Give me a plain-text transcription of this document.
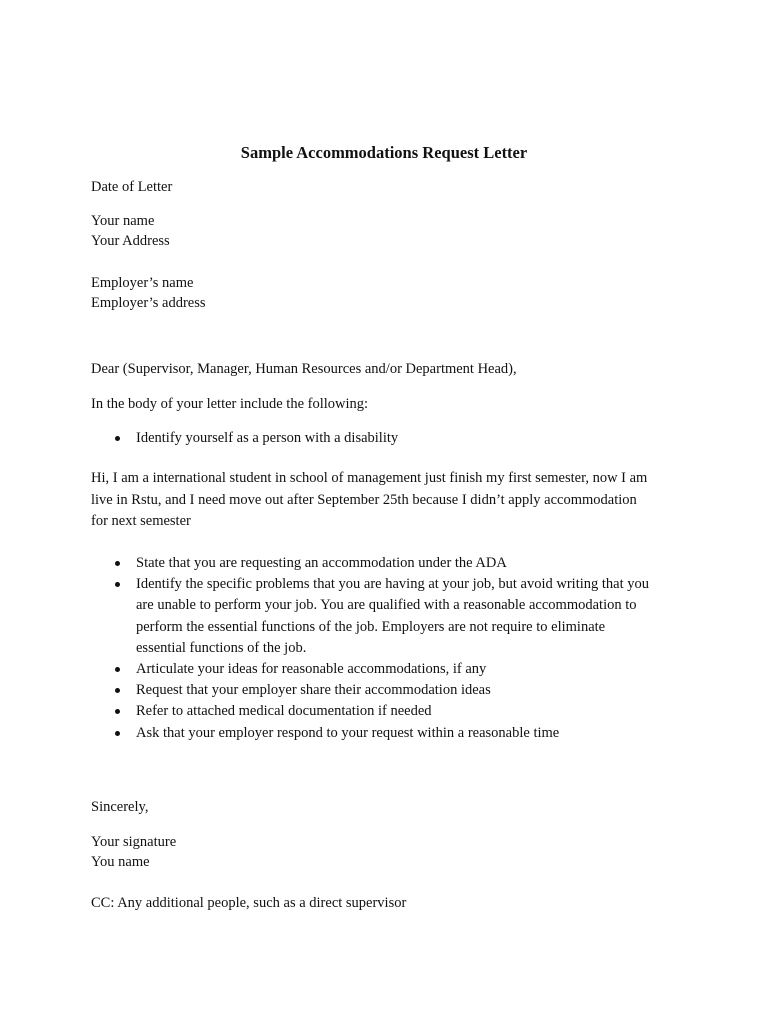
Sample Accommodations Request Letter
Date of Letter
Your name
Your Address
Employer’s name
Employer’s address
Dear (Supervisor, Manager, Human Resources and/or Department Head),
In the body of your letter include the following:
Identify yourself as a person with a disability
Hi, I am a international student in school of management just finish my first semester, now I am
live in Rstu, and I need move out after September 25th because I didn’t apply accommodation
for next semester
State that you are requesting an accommodation under the ADA
Identify the specific problems that you are having at your job, but avoid writing that you
are unable to perform your job. You are qualified with a reasonable accommodation to
perform the essential functions of the job. Employers are not require to eliminate
essential functions of the job.
Articulate your ideas for reasonable accommodations, if any
Request that your employer share their accommodation ideas
Refer to attached medical documentation if needed
Ask that your employer respond to your request within a reasonable time
Sincerely,
Your signature
You name
CC: Any additional people, such as a direct supervisor
